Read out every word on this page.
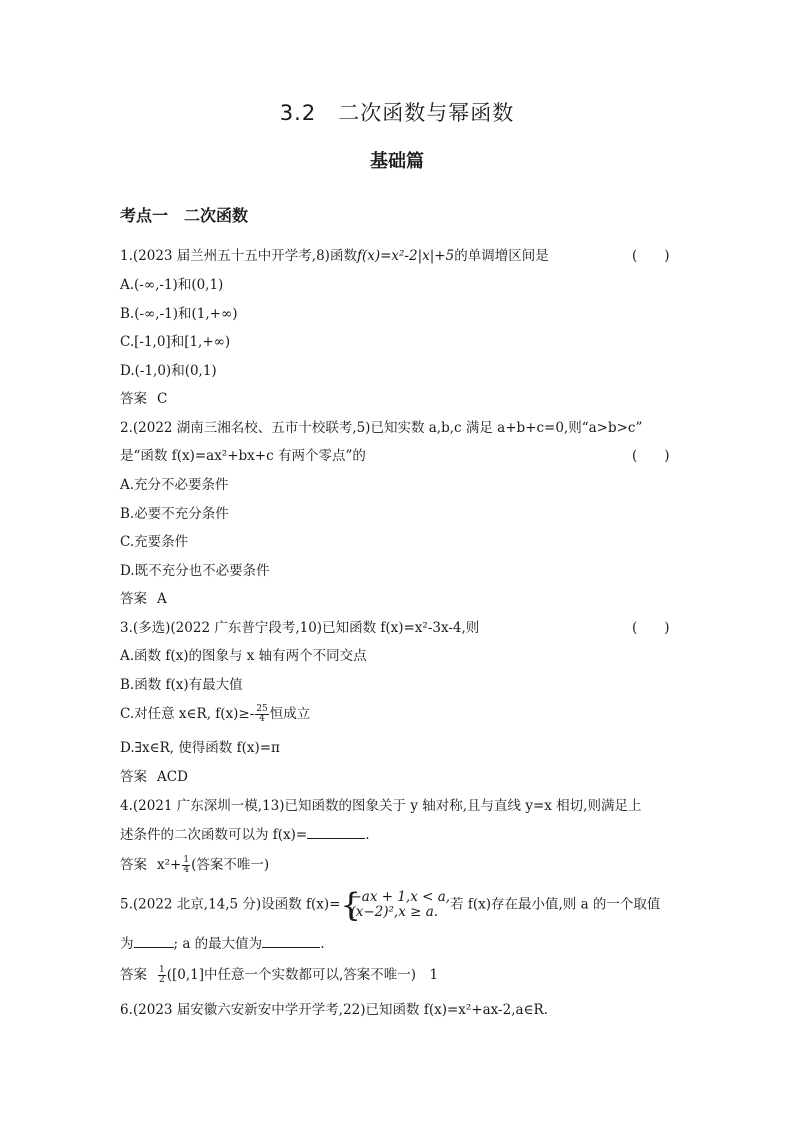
3.2　二次函数与幂函数
基础篇
考点一　二次函数
1.(2023 届兰州五十五中开学考,8)函数f(x)=x²-2|x|+5的单调增区间是	(　　)
A.(-∞,-1)和(0,1)
B.(-∞,-1)和(1,+∞)
C.[-1,0]和[1,+∞)
D.(-1,0)和(0,1)
答案 C
2.(2022 湖南三湘名校、五市十校联考,5)已知实数 a,b,c 满足 a+b+c=0,则“a>b>c”
是“函数 f(x)=ax²+bx+c 有两个零点”的	(　　)
A.充分不必要条件
B.必要不充分条件
C.充要条件
D.既不充分也不必要条件
答案 A
3.(多选)(2022 广东普宁段考,10)已知函数 f(x)=x²-3x-4,则	(　　)
A.函数 f(x)的图象与 x 轴有两个不同交点
B.函数 f(x)有最大值
C.对任意 x∈R, $f(x)\ge- \frac{25}{4}$ 恒成立
D.∃x∈R, 使得函数 f(x)=π
答案 ACD
4.(2021 广东深圳一模,13)已知函数的图象关于 y 轴对称,且与直线 y=x 相切,则满足上
述条件的二次函数可以为 f(x)=	.
答案 $x^2+ \frac{1}{4}$ (答案不唯一)
5.(2022 北京,14,5 分)设函数 f(x)= {
−ax + 1,x < a,
(x−2)²,x ≥ a. 若 f(x)存在最小值,则 a 的一个取值
为	; a 的最大值为	.
答案 $\frac{1}{2} ([0,1]$中任意一个实数都可以,答案不唯一)　1
6.(2023 届安徽六安新安中学开学考,22)已知函数 f(x)=x²+ax-2,a∈R.
